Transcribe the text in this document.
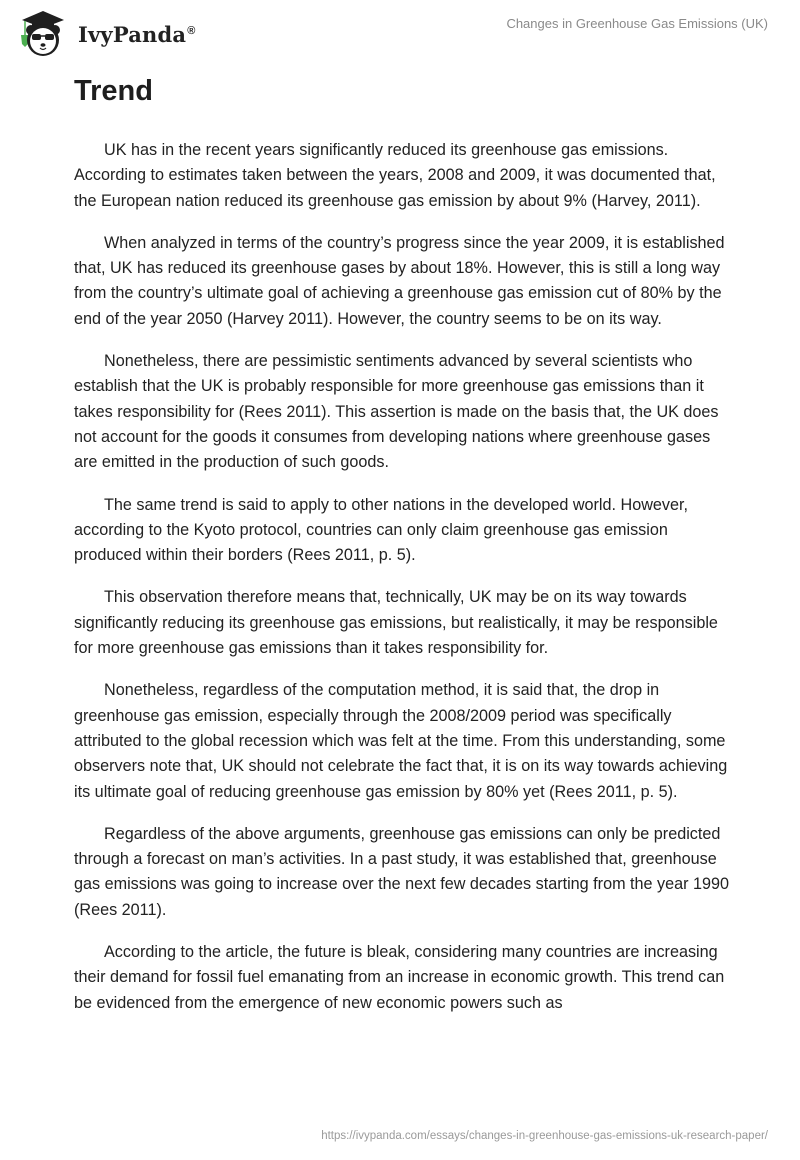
IvyPanda®	Changes in Greenhouse Gas Emissions (UK)
Trend

UK has in the recent years significantly reduced its greenhouse gas emissions. According to estimates taken between the years, 2008 and 2009, it was documented that, the European nation reduced its greenhouse gas emission by about 9% (Harvey, 2011).

When analyzed in terms of the country’s progress since the year 2009, it is established that, UK has reduced its greenhouse gases by about 18%. However, this is still a long way from the country’s ultimate goal of achieving a greenhouse gas emission cut of 80% by the end of the year 2050 (Harvey 2011). However, the country seems to be on its way.

Nonetheless, there are pessimistic sentiments advanced by several scientists who establish that the UK is probably responsible for more greenhouse gas emissions than it takes responsibility for (Rees 2011). This assertion is made on the basis that, the UK does not account for the goods it consumes from developing nations where greenhouse gases are emitted in the production of such goods.

The same trend is said to apply to other nations in the developed world. However, according to the Kyoto protocol, countries can only claim greenhouse gas emission produced within their borders (Rees 2011, p. 5).

This observation therefore means that, technically, UK may be on its way towards significantly reducing its greenhouse gas emissions, but realistically, it may be responsible for more greenhouse gas emissions than it takes responsibility for.

Nonetheless, regardless of the computation method, it is said that, the drop in greenhouse gas emission, especially through the 2008/2009 period was specifically attributed to the global recession which was felt at the time. From this understanding, some observers note that, UK should not celebrate the fact that, it is on its way towards achieving its ultimate goal of reducing greenhouse gas emission by 80% yet (Rees 2011, p. 5).

Regardless of the above arguments, greenhouse gas emissions can only be predicted through a forecast on man’s activities. In a past study, it was established that, greenhouse gas emissions was going to increase over the next few decades starting from the year 1990 (Rees 2011).

According to the article, the future is bleak, considering many countries are increasing their demand for fossil fuel emanating from an increase in economic growth. This trend can be evidenced from the emergence of new economic powers such as

https://ivypanda.com/essays/changes-in-greenhouse-gas-emissions-uk-research-paper/
